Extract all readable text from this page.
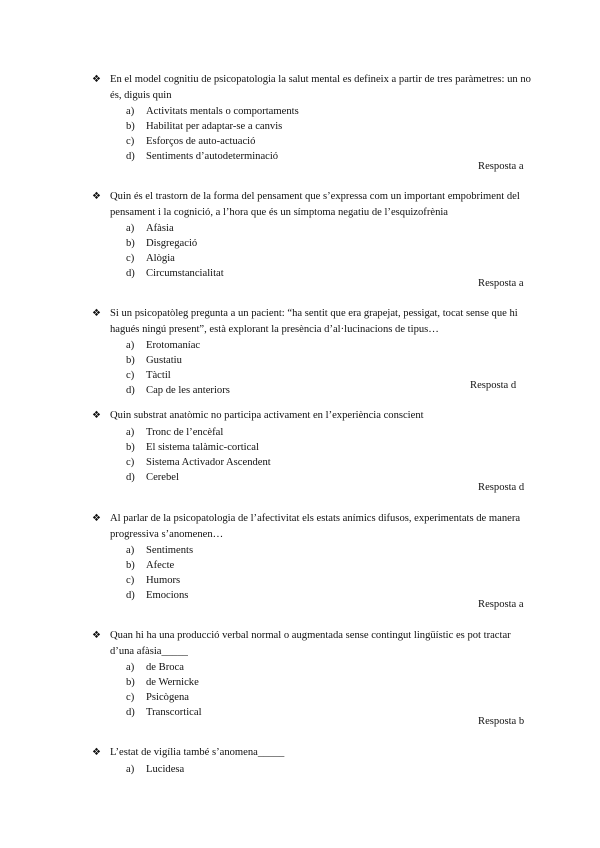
❖ En el model cognitiu de psicopatologia la salut mental es defineix a partir de tres paràmetres: un no és, diguis quin
a) Activitats mentals o comportaments
b) Habilitat per adaptar-se a canvis
c) Esforços de auto-actuació
d) Sentiments d’autodeterminació
Resposta a
❖ Quin és el trastorn de la forma del pensament que s’expressa com un important empobriment del pensament i la cognició, a l’hora que és un símptoma negatiu de l’esquizofrènia
a) Afàsia
b) Disgregació
c) Alògia
d) Circumstancialitat
Resposta a
❖ Si un psicopatòleg pregunta a un pacient: “ha sentit que era grapejat, pessigat, tocat sense que hi hagués ningú present”, està explorant la presència d’al·lucinacions de tipus…
a) Erotomaníac
b) Gustatiu
c) Tàctil
d) Cap de les anteriors	Resposta d
❖ Quin substrat anatòmic no participa activament en l’experiència conscient
a) Tronc de l’encèfal
b) El sistema talàmic-cortical
c) Sistema Activador Ascendent
d) Cerebel
Resposta d
❖ Al parlar de la psicopatologia de l’afectivitat els estats anímics difusos, experimentats de manera progressiva s’anomenen…
a) Sentiments
b) Afecte
c) Humors
d) Emocions
Resposta a
❖ Quan hi ha una producció verbal normal o augmentada sense contingut lingüístic es pot tractar d’una afàsia_____
a) de Broca
b) de Wernicke
c) Psicògena
d) Transcortical
Resposta b
❖ L’estat de vigília també s’anomena_____
a) Lucidesa
